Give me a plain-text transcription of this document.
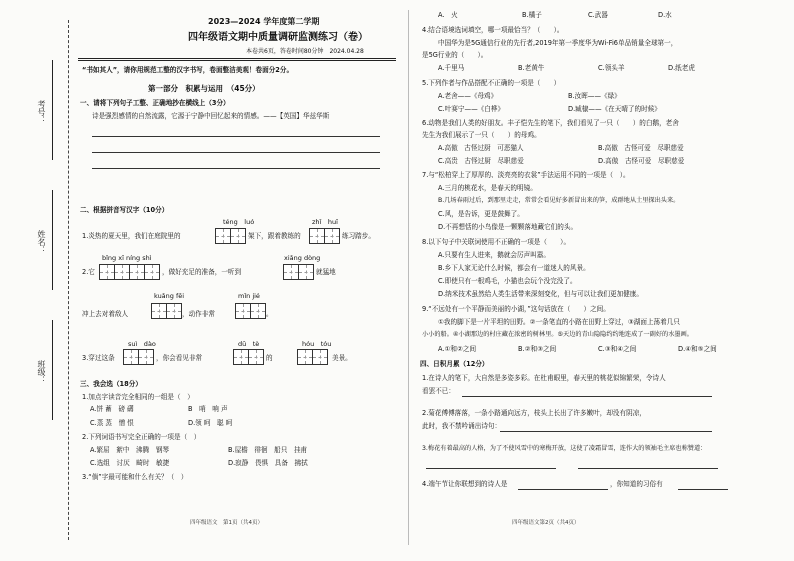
考号：
姓名：
班级：
2023—2024 学年度第二学期
四年级语文期中质量调研监测练习（卷）
本卷共6页，答卷时间80分钟　2024.04.28
“书如其人”，请你用规范工整的汉字书写，卷面整洁美观！卷面分2分。
第一部分　积累与运用　（45分）
一、请将下列句子工整、正确地抄在横线上（3分）
诗是强烈感情的自然流露，它源于宁静中回忆起来的情感。——【英国】华兹华斯
二、根据拼音写汉字（10分）
téng　luó
1.炎热的夏天里，我们在庭院里的	架下，跟着教练的
zhǐ　huī
练习踏步。
bǐng xī níng shì
2.它	，做好充足的准备，一听到
xiǎng dòng
就猛地
kuǎng fēi	mǐn jié
冲上去对着敌人	，动作非常	。
suì　dào	dū　tè	hóu　tóu
3.穿过这条	，你会看见非常	的	美景。
三、我会选（18分）
1.加点字读音完全相同的一组是（　）
A.饼 蓄　磅 礴	B　哨　响 声
C.蒸 蒸　憎 恨	D.领 呵　聪 呵
2.下列词语书写完全正确的一项是（　）
A.繁屈　絮中　沸腾　钢琴	B.屋檐　徘徊　船只　挂甫
C.选组　讨厌　畸时　敏捷	D.寂静　畏惧　具备　拂拭
3.“倘”字最可能和什么有关？（　）
四年级语文　第1页（共4页）
A.　火	B.橘子	C.武器	D.水
4.结合语境选词填空，哪一项最恰当？（　　）。
中国华为是5G通信行业的先行者,2019年第一季度华为Wi-Fi6单品销量全球第一，
是5G行业的（　　）。
A.千里马	B.老黄牛	C.领头羊	D.纸老虎
5.下列作者与作品搭配不正确的一项是（　　）
A.老舍——《母鸡》	B.汝晖——《绿》
C.叶赛宁——《白桦》	D.臧棣——《在天晴了的时候》
6.动物是我们人类的好朋友。丰子恺先生的笔下，我们看见了一只（　　）的白鹅，老舍
先生为我们展示了一只（　　）的母鸡。
A.高傲　古怪过厨　可恶猫人	B.高傲　古怪可爱　尽职慈爱
C.高贵　古怪过厨　尽职慈爱	D.高傲　古怪可爱　尽职慈爱
7.与“松柏穿上了厚厚的、淡亮亮的衣裳”手法运用不同的一项是（　）。
A.三月的桃花水，是春天的明镜。
B.几场春雨过后，到那里走走，常常会看见好多新冒出来的笋，成群地从土里探出头来。
C.风，是告诉，更是鼓舞了。
D.不再想恬的小鸟像是一颗颗落地藏它们的头。
8.以下句子中关联词使用不正确的一项是（　　）。
A.只要有生人进来，鹅就会厉声叫嚣。
B.乡下人家无论什么时候，都会有一道迷人的风景。
C.即使只有一根鸡毛，小猫也会玩个没完没了。
D.纳米技术虽然给人类生活带来深刻变化，但与可以让我们更加健康。
9.“不远处有一个平静而美丽的小湖，”这句话放在（　　）之间。
①我的脚下是一片平坦的田野。②一条笔直的小路在田野上穿过，③湖面上荡着几只
小小的船。④小湖那边的村庄藏在浓密的树林里。⑤天边的青山隐隐约约地连成了一副好的水墨画。
A.①和②之间	B.②和③之间	C.③和④之间	D.④和⑤之间
四、日积月累（12分）
1.在诗人的笔下，大自然是多姿多彩。在杜甫眼里，春天里的桃花似锦繁荣，令诗人
看罢不已：
2.菊花傅傅落落，一条小路通向远方，枝头上长出了许多嫩叶，却没有阴凉，
此时，我不禁吟诵出诗句：
3.梅花有着最高的人格，为了不使风雪中的寒梅开放，这使了凌霜冒雪，连作大的领袖毛主席也称赞道：
4.端午节让你联想到的诗人是	，你知道的习俗有
四年级语文第2页（共4页）
